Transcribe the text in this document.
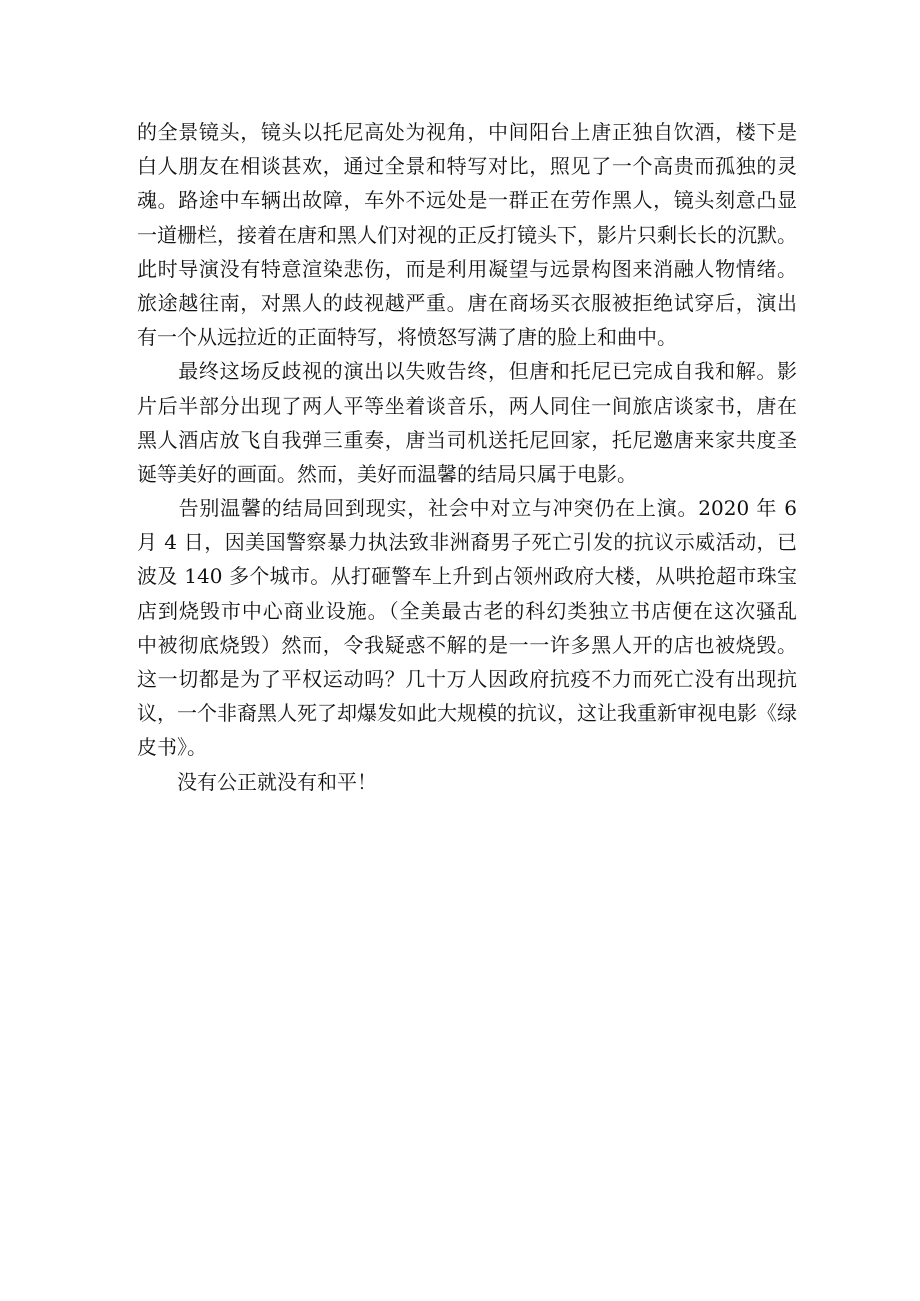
的全景镜头，镜头以托尼高处为视角，中间阳台上唐正独自饮酒，楼下是
白人朋友在相谈甚欢，通过全景和特写对比，照见了一个高贵而孤独的灵
魂。路途中车辆出故障，车外不远处是一群正在劳作黑人，镜头刻意凸显
一道栅栏，接着在唐和黑人们对视的正反打镜头下，影片只剩长长的沉默。
此时导演没有特意渲染悲伤，而是利用凝望与远景构图来消融人物情绪。
旅途越往南，对黑人的歧视越严重。唐在商场买衣服被拒绝试穿后，演出
有一个从远拉近的正面特写，将愤怒写满了唐的脸上和曲中。
　　最终这场反歧视的演出以失败告终，但唐和托尼已完成自我和解。影
片后半部分出现了两人平等坐着谈音乐，两人同住一间旅店谈家书，唐在
黑人酒店放飞自我弹三重奏，唐当司机送托尼回家，托尼邀唐来家共度圣
诞等美好的画面。然而，美好而温馨的结局只属于电影。
　　告别温馨的结局回到现实，社会中对立与冲突仍在上演。2020 年 6
月 4 日，因美国警察暴力执法致非洲裔男子死亡引发的抗议示威活动，已
波及 140 多个城市。从打砸警车上升到占领州政府大楼，从哄抢超市珠宝
店到烧毁市中心商业设施。（全美最古老的科幻类独立书店便在这次骚乱
中被彻底烧毁）然而，令我疑惑不解的是一一许多黑人开的店也被烧毁。
这一切都是为了平权运动吗？几十万人因政府抗疫不力而死亡没有出现抗
议，一个非裔黑人死了却爆发如此大规模的抗议，这让我重新审视电影《绿
皮书》。
　　没有公正就没有和平！
